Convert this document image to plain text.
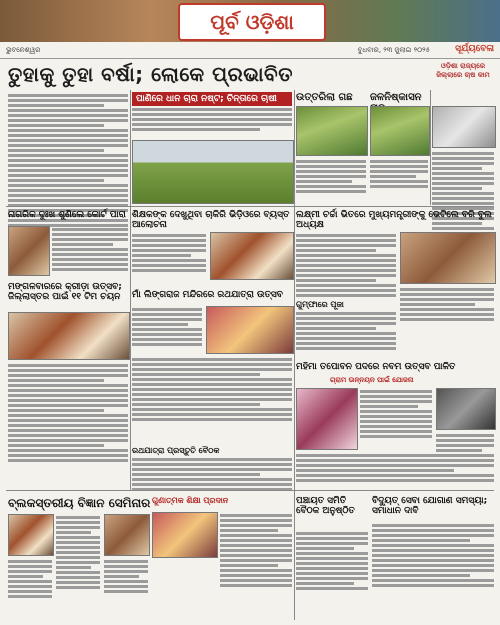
ପୂର୍ବ ଓଡ଼ିଶା
ଭୁବନେଶ୍ୱର	ବୁଧବାର, ୨୩ ଜୁଲାଇ ୨୦୨୫	ସୂର୍ଯ୍ୟବେଳା
ତୁହାକୁ ତୁହା ବର୍ଷା; ଲୋକେ ପ୍ରଭାବିତ	ଓଡ଼ିଶା ରାଜ୍ୟରେ ଜିଲ୍ଲାରେ ଚାଷ କାମ
ପାଣିରେ ଧାନ ଚାରା ନଷ୍ଟ; ଚିନ୍ତାରେ ଚାଷୀ	ଉତ୍ତରିଲା ଗଛ	ଜଳନିଷ୍କାସନ
ନାଗରିକ ଦୁଃଖ ଶୁଣିଲେ କୋର୍ଟ ପାରା ଶିକ୍ଷକଙ୍କ ଦେଖୁଥିବା ଚାକିରି ଭିଡ଼ିଓରେ ବ୍ୟସ୍ତ ଆଲୋଚନା
ଲକ୍ଷ୍ମୀ ଚର୍ଚ୍ଚା ଭିତରେ ମୁଖ୍ୟମନ୍ତ୍ରୀଙ୍କୁ ଭେଟିଲେ ବରି ବୁଲ ଅଧ୍ୟକ୍ଷ
ମଙ୍ଗଳବାରରେ କ୍ରୀଡ଼ା ଉତ୍ସବ; ଜିଲ୍ଲାସ୍ତର ପାଇଁ ୧୧ ଟିମ ଚୟନ	ମାଁ ଲିଙ୍ଗରାଜ ମନ୍ଦିରରେ ରଥଯାତ୍ରା ଉତ୍ସବ
ଗୁମ୍ଫାରେ ପୂଜା
ମହିମା ତପୋବନ ପଦରେ ନବମ ଉତ୍ସବ ପାଳିତ
ଗ୍ରାମ ଉନ୍ନୟନ ପାଇଁ ଯୋଜନା
ରଥଯାତ୍ରା ପ୍ରସ୍ତୁତି ବୈଠକ
ବ୍ଲକସ୍ତରୀୟ ବିଜ୍ଞାନ ସେମିନାର ଗୁଣାତ୍ମକ ଶିକ୍ଷା ପ୍ରଦାନ	ପଞ୍ଚାୟତ ସମିତି ବୈଠକ ଅନୁଷ୍ଠିତ
ବିଦ୍ୟୁତ୍ ସେବା ଯୋଗାଣ ସମସ୍ୟା; ସମାଧାନ ଦାବି
